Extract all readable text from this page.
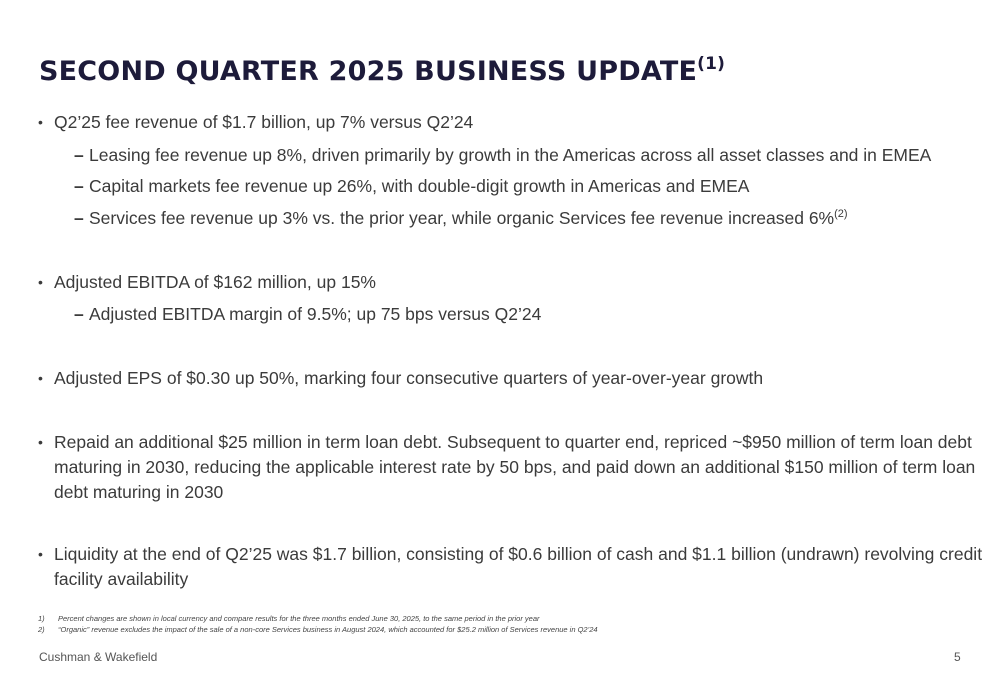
SECOND QUARTER 2025 BUSINESS UPDATE$^{(1)}$
• Q2’25 fee revenue of $1.7 billion, up 7% versus Q2’24
– Leasing fee revenue up 8%, driven primarily by growth in the Americas across all asset classes and in EMEA
– Capital markets fee revenue up 26%, with double-digit growth in Americas and EMEA
– Services fee revenue up 3% vs. the prior year, while organic Services fee revenue increased 6%$^{(2)}$
• Adjusted EBITDA of $162 million, up 15%
– Adjusted EBITDA margin of 9.5%; up 75 bps versus Q2’24
• Adjusted EPS of $0.30 up 50%, marking four consecutive quarters of year-over-year growth
• Repaid an additional $25 million in term loan debt. Subsequent to quarter end, repriced ~$950 million of term loan debt maturing in 2030, reducing the applicable interest rate by 50 bps, and paid down an additional $150 million of term loan debt maturing in 2030
• Liquidity at the end of Q2’25 was $1.7 billion, consisting of $0.6 billion of cash and $1.1 billion (undrawn) revolving credit facility availability
1) Percent changes are shown in local currency and compare results for the three months ended June 30, 2025, to the same period in the prior year
2) “Organic” revenue excludes the impact of the sale of a non-core Services business in August 2024, which accounted for $25.2 million of Services revenue in Q2’24
Cushman & Wakefield	5
